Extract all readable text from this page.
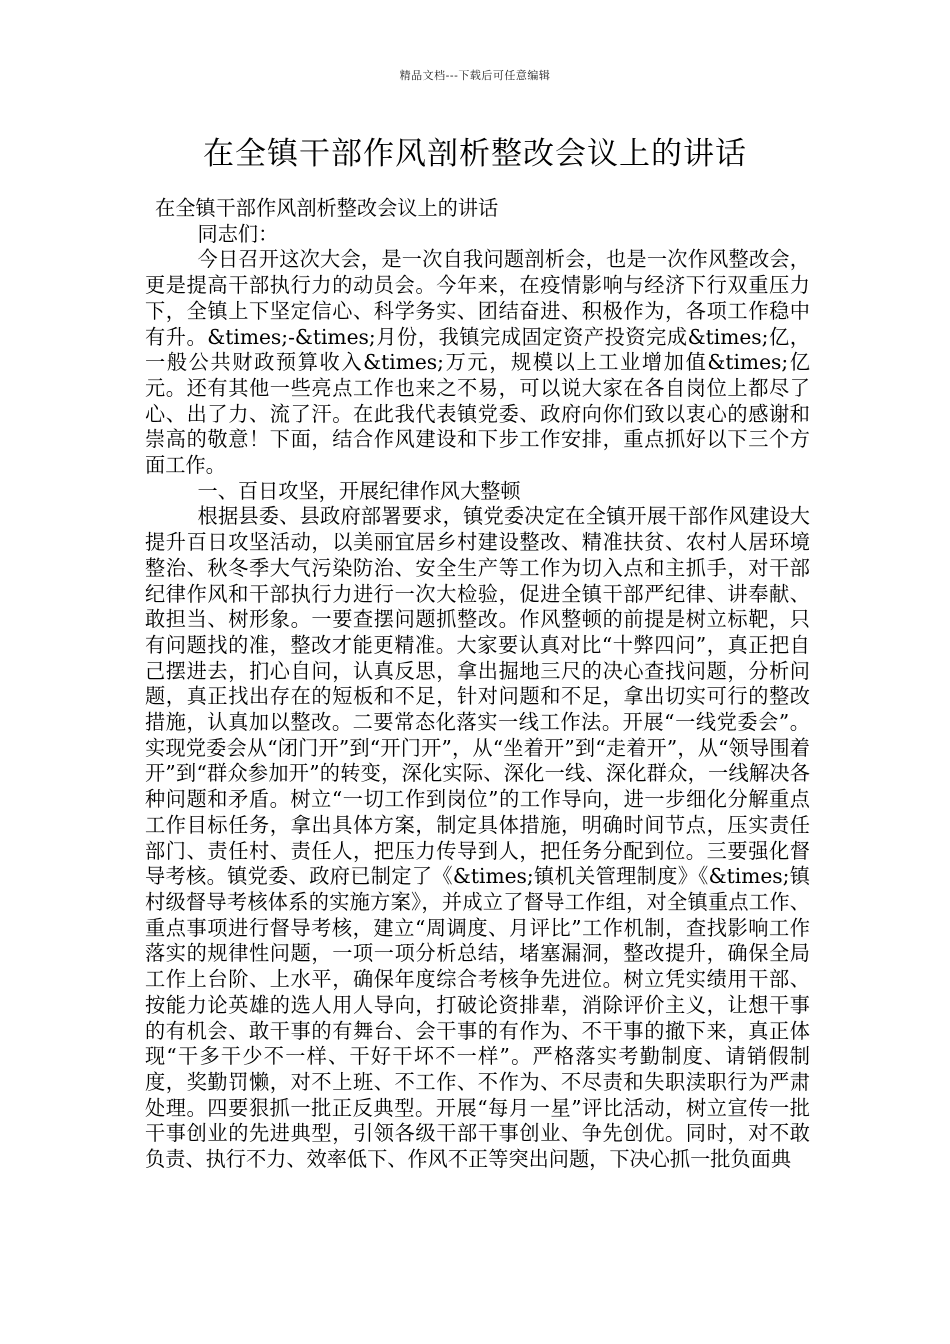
精品文档---下载后可任意编辑
在全镇干部作风剖析整改会议上的讲话

在全镇干部作风剖析整改会议上的讲话

同志们：

今日召开这次大会，是一次自我问题剖析会，也是一次作风整改会，更是提高干部执行力的动员会。今年来，在疫情影响与经济下行双重压力下，全镇上下坚定信心、科学务实、团结奋进、积极作为，各项工作稳中有升。&times;-&times;月份，我镇完成固定资产投资完成&times;亿，一般公共财政预算收入&times;万元，规模以上工业增加值&times;亿元。还有其他一些亮点工作也来之不易，可以说大家在各自岗位上都尽了心、出了力、流了汗。在此我代表镇党委、政府向你们致以衷心的感谢和崇高的敬意！下面，结合作风建设和下步工作安排，重点抓好以下三个方面工作。

一、百日攻坚，开展纪律作风大整顿

根据县委、县政府部署要求，镇党委决定在全镇开展干部作风建设大提升百日攻坚活动，以美丽宜居乡村建设整改、精准扶贫、农村人居环境整治、秋冬季大气污染防治、安全生产等工作为切入点和主抓手，对干部纪律作风和干部执行力进行一次大检验，促进全镇干部严纪律、讲奉献、敢担当、树形象。一要查摆问题抓整改。作风整顿的前提是树立标靶，只有问题找的准，整改才能更精准。大家要认真对比“十弊四问”，真正把自己摆进去，扪心自问，认真反思，拿出掘地三尺的决心查找问题，分析问题，真正找出存在的短板和不足，针对问题和不足，拿出切实可行的整改措施，认真加以整改。二要常态化落实一线工作法。开展“一线党委会”。实现党委会从“闭门开”到“开门开”，从“坐着开”到“走着开”，从“领导围着开”到“群众参加开”的转变，深化实际、深化一线、深化群众，一线解决各种问题和矛盾。树立“一切工作到岗位”的工作导向，进一步细化分解重点工作目标任务，拿出具体方案，制定具体措施，明确时间节点，压实责任部门、责任村、责任人，把压力传导到人，把任务分配到位。三要强化督导考核。镇党委、政府已制定了《&times;镇机关管理制度》《&times;镇村级督导考核体系的实施方案》，并成立了督导工作组，对全镇重点工作、重点事项进行督导考核，建立“周调度、月评比”工作机制，查找影响工作落实的规律性问题，一项一项分析总结，堵塞漏洞，整改提升，确保全局工作上台阶、上水平，确保年度综合考核争先进位。树立凭实绩用干部、按能力论英雄的选人用人导向，打破论资排辈，消除评价主义，让想干事的有机会、敢干事的有舞台、会干事的有作为、不干事的撤下来，真正体现“干多干少不一样、干好干坏不一样”。严格落实考勤制度、请销假制度，奖勤罚懒，对不上班、不工作、不作为、不尽责和失职渎职行为严肃处理。四要狠抓一批正反典型。开展“每月一星”评比活动，树立宣传一批干事创业的先进典型，引领各级干部干事创业、争先创优。同时，对不敢负责、执行不力、效率低下、作风不正等突出问题，下决心抓一批负面典
